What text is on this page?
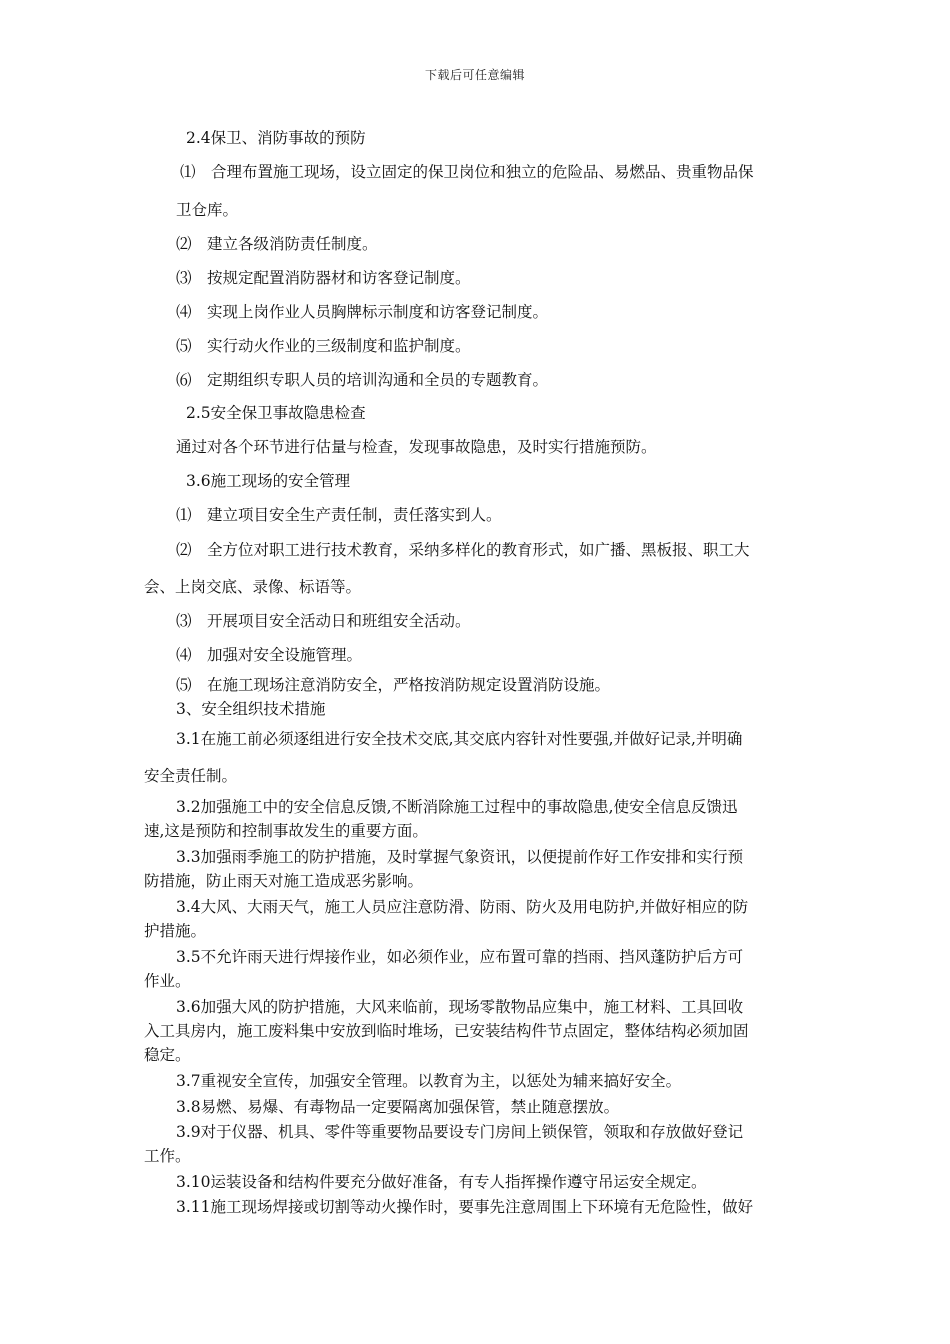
下载后可任意编辑
2.4保卫、消防事故的预防
⑴　合理布置施工现场，设立固定的保卫岗位和独立的危险品、易燃品、贵重物品保
卫仓库。
⑵　建立各级消防责任制度。
⑶　按规定配置消防器材和访客登记制度。
⑷　实现上岗作业人员胸牌标示制度和访客登记制度。
⑸　实行动火作业的三级制度和监护制度。
⑹　定期组织专职人员的培训沟通和全员的专题教育。
2.5安全保卫事故隐患检查
通过对各个环节进行估量与检查，发现事故隐患，及时实行措施预防。
3.6施工现场的安全管理
⑴　建立项目安全生产责任制，责任落实到人。
⑵　全方位对职工进行技术教育，采纳多样化的教育形式，如广播、黑板报、职工大
会、上岗交底、录像、标语等。
⑶　开展项目安全活动日和班组安全活动。
⑷　加强对安全设施管理。
⑸　在施工现场注意消防安全，严格按消防规定设置消防设施。
3、安全组织技术措施
3.1在施工前必须逐组进行安全技术交底,其交底内容针对性要强,并做好记录,并明确
安全责任制。
3.2加强施工中的安全信息反馈,不断消除施工过程中的事故隐患,使安全信息反馈迅
速,这是预防和控制事故发生的重要方面。
3.3加强雨季施工的防护措施，及时掌握气象资讯，以便提前作好工作安排和实行预
防措施，防止雨天对施工造成恶劣影响。
3.4大风、大雨天气，施工人员应注意防滑、防雨、防火及用电防护,并做好相应的防
护措施。
3.5不允许雨天进行焊接作业，如必须作业，应布置可靠的挡雨、挡风蓬防护后方可
作业。
3.6加强大风的防护措施，大风来临前，现场零散物品应集中，施工材料、工具回收
入工具房内，施工废料集中安放到临时堆场，已安装结构件节点固定，整体结构必须加固
稳定。
3.7重视安全宣传，加强安全管理。以教育为主，以惩处为辅来搞好安全。
3.8易燃、易爆、有毒物品一定要隔离加强保管，禁止随意摆放。
3.9对于仪器、机具、零件等重要物品要设专门房间上锁保管，领取和存放做好登记
工作。
3.10运装设备和结构件要充分做好准备，有专人指挥操作遵守吊运安全规定。
3.11施工现场焊接或切割等动火操作时，要事先注意周围上下环境有无危险性，做好
